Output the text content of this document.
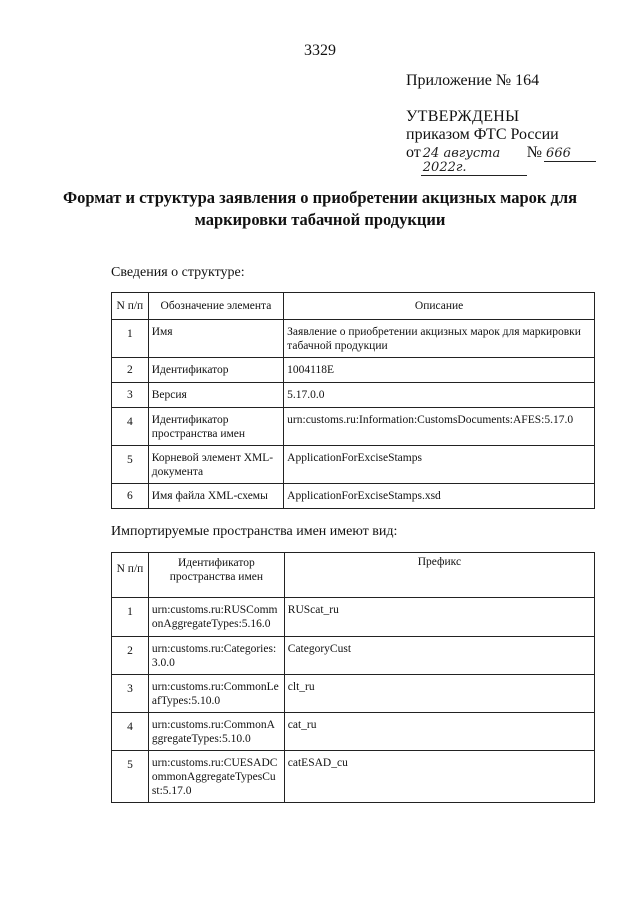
3329
Приложение № 164
УТВЕРЖДЕНЫ
приказом ФТС России
от 24 августа 2022г.
№ 666
Формат и структура заявления о приобретении акцизных марок для маркировки табачной продукции
Сведения о структуре:
N п/п	Обозначение элемента	Описание
1	Имя	Заявление о приобретении акцизных марок для маркировки табачной продукции
2	Идентификатор	1004118E
3	Версия	5.17.0.0
4	Идентификатор пространства имен	urn:customs.ru:Information:CustomsDocuments:AFES:5.17.0
5	Корневой элемент XML-документа	ApplicationForExciseStamps
6	Имя файла XML-схемы	ApplicationForExciseStamps.xsd
Импортируемые пространства имен имеют вид:
N п/п	Идентификатор пространства имен	Префикс
1	urn:customs.ru:RUSCommonAggregateTypes:5.16.0	RUScat_ru
2	urn:customs.ru:Categories:3.0.0	CategoryCust
3	urn:customs.ru:CommonLeafTypes:5.10.0	clt_ru
4	urn:customs.ru:CommonAggregateTypes:5.10.0	cat_ru
5	urn:customs.ru:CUESADCommonAggregateTypesCust:5.17.0	catESAD_cu
